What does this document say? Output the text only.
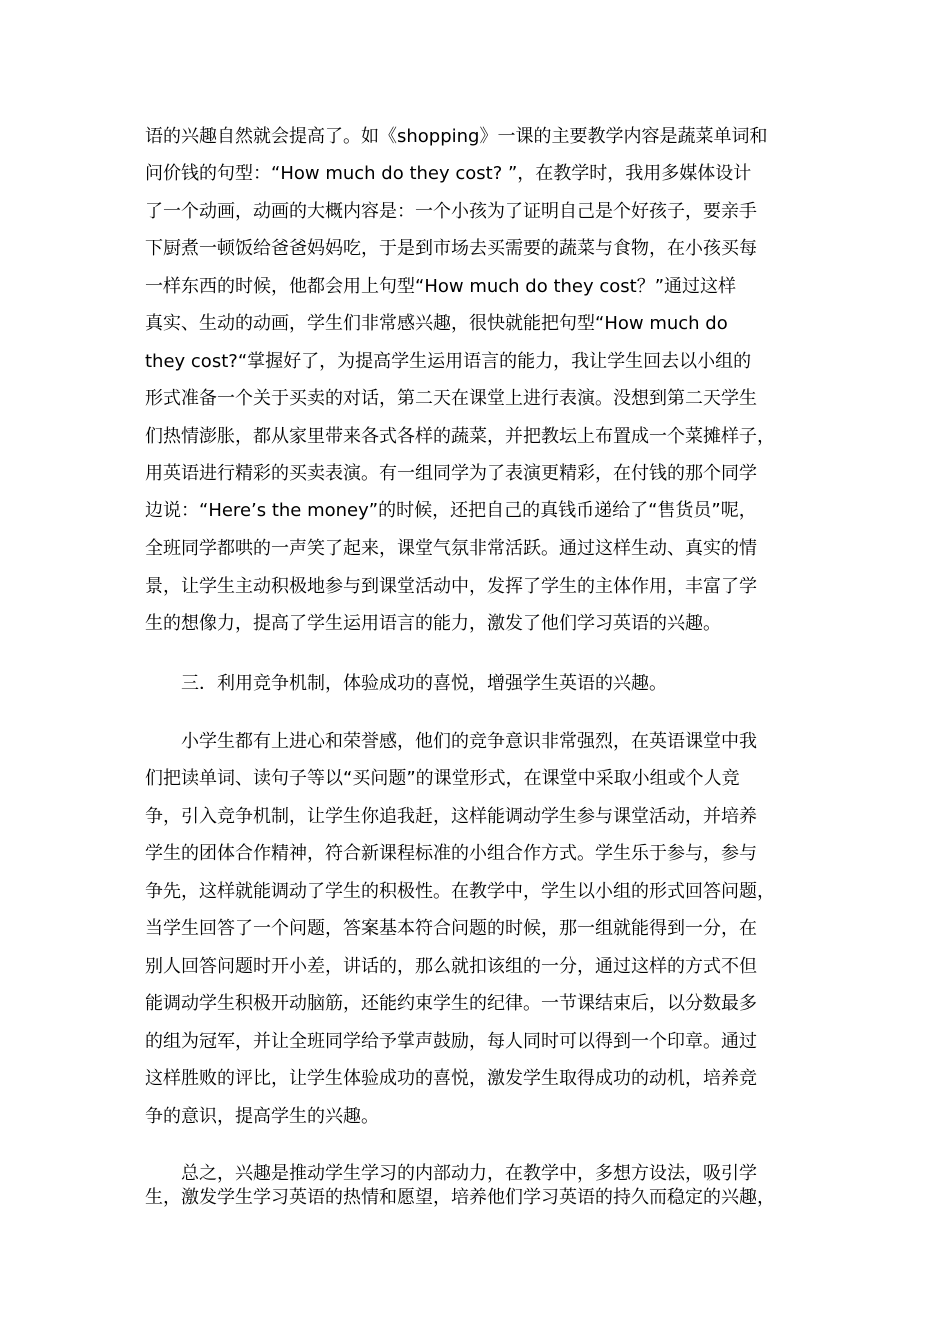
语的兴趣自然就会提高了。如《shopping》一课的主要教学内容是蔬菜单词和
问价钱的句型：“How much do they cost? ”，在教学时，我用多媒体设计
了一个动画，动画的大概内容是：一个小孩为了证明自己是个好孩子，要亲手
下厨煮一顿饭给爸爸妈妈吃，于是到市场去买需要的蔬菜与食物，在小孩买每
一样东西的时候，他都会用上句型“How much do they cost？”通过这样
真实、生动的动画，学生们非常感兴趣，很快就能把句型“How much do
they cost?“掌握好了，为提高学生运用语言的能力，我让学生回去以小组的
形式准备一个关于买卖的对话，第二天在课堂上进行表演。没想到第二天学生
们热情澎胀，都从家里带来各式各样的蔬菜，并把教坛上布置成一个菜摊样子，
用英语进行精彩的买卖表演。有一组同学为了表演更精彩，在付钱的那个同学
边说：“Here’s the money”的时候，还把自己的真钱币递给了“售货员”呢，
全班同学都哄的一声笑了起来，课堂气氛非常活跃。通过这样生动、真实的情
景，让学生主动积极地参与到课堂活动中，发挥了学生的主体作用，丰富了学
生的想像力，提高了学生运用语言的能力，激发了他们学习英语的兴趣。
三．利用竞争机制，体验成功的喜悦，增强学生英语的兴趣。
小学生都有上进心和荣誉感，他们的竞争意识非常强烈，在英语课堂中我
们把读单词、读句子等以“买问题”的课堂形式，在课堂中采取小组或个人竞
争，引入竞争机制，让学生你追我赶，这样能调动学生参与课堂活动，并培养
学生的团体合作精神，符合新课程标准的小组合作方式。学生乐于参与，参与
争先，这样就能调动了学生的积极性。在教学中，学生以小组的形式回答问题，
当学生回答了一个问题，答案基本符合问题的时候，那一组就能得到一分，在
别人回答问题时开小差，讲话的，那么就扣该组的一分，通过这样的方式不但
能调动学生积极开动脑筋，还能约束学生的纪律。一节课结束后，以分数最多
的组为冠军，并让全班同学给予掌声鼓励，每人同时可以得到一个印章。通过
这样胜败的评比，让学生体验成功的喜悦，激发学生取得成功的动机，培养竞
争的意识，提高学生的兴趣。
总之，兴趣是推动学生学习的内部动力，在教学中，多想方设法，吸引学
生，激发学生学习英语的热情和愿望，培养他们学习英语的持久而稳定的兴趣，
